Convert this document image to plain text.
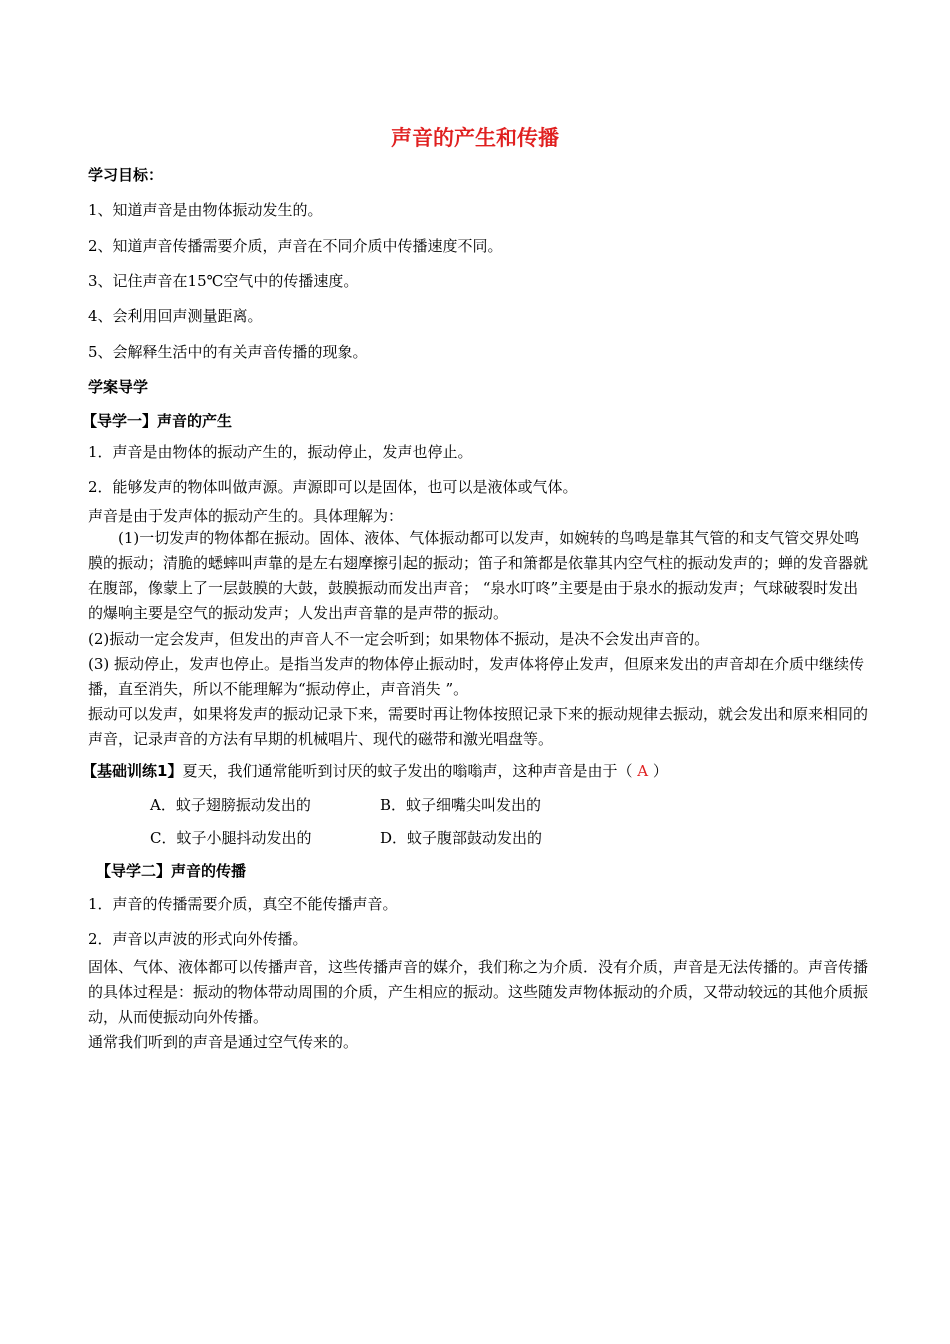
声音的产生和传播
学习目标：
1、知道声音是由物体振动发生的。
2、知道声音传播需要介质，声音在不同介质中传播速度不同。
3、记住声音在15℃空气中的传播速度。
4、会利用回声测量距离。
5、会解释生活中的有关声音传播的现象。
学案导学
【导学一】声音的产生
1．声音是由物体的振动产生的，振动停止，发声也停止。
2．能够发声的物体叫做声源。声源即可以是固体，也可以是液体或气体。
声音是由于发声体的振动产生的。具体理解为：
(1)一切发声的物体都在振动。固体、液体、气体振动都可以发声，如婉转的鸟鸣是靠其气管的和支气管交界处鸣膜的振动；清脆的蟋蟀叫声靠的是左右翅摩擦引起的振动；笛子和箫都是依靠其内空气柱的振动发声的；蝉的发音器就在腹部，像蒙上了一层鼓膜的大鼓，鼓膜振动而发出声音； “泉水叮咚”主要是由于泉水的振动发声；气球破裂时发出的爆响主要是空气的振动发声；人发出声音靠的是声带的振动。
(2)振动一定会发声，但发出的声音人不一定会听到；如果物体不振动，是决不会发出声音的。
(3) 振动停止，发声也停止。是指当发声的物体停止振动时，发声体将停止发声，但原来发出的声音却在介质中继续传播，直至消失，所以不能理解为“振动停止，声音消失 ”。
振动可以发声，如果将发声的振动记录下来，需要时再让物体按照记录下来的振动规律去振动，就会发出和原来相同的声音，记录声音的方法有早期的机械唱片、现代的磁带和激光唱盘等。
【基础训练1】夏天，我们通常能听到讨厌的蚊子发出的嗡嗡声，这种声音是由于（ A ）
A．蚊子翅膀振动发出的	B．蚊子细嘴尖叫发出的
C．蚊子小腿抖动发出的	D．蚊子腹部鼓动发出的
【导学二】声音的传播
1．声音的传播需要介质，真空不能传播声音。
2．声音以声波的形式向外传播。
固体、气体、液体都可以传播声音，这些传播声音的媒介，我们称之为介质．没有介质，声音是无法传播的。声音传播的具体过程是：振动的物体带动周围的介质，产生相应的振动。这些随发声物体振动的介质，又带动较远的其他介质振动，从而使振动向外传播。
通常我们听到的声音是通过空气传来的。
